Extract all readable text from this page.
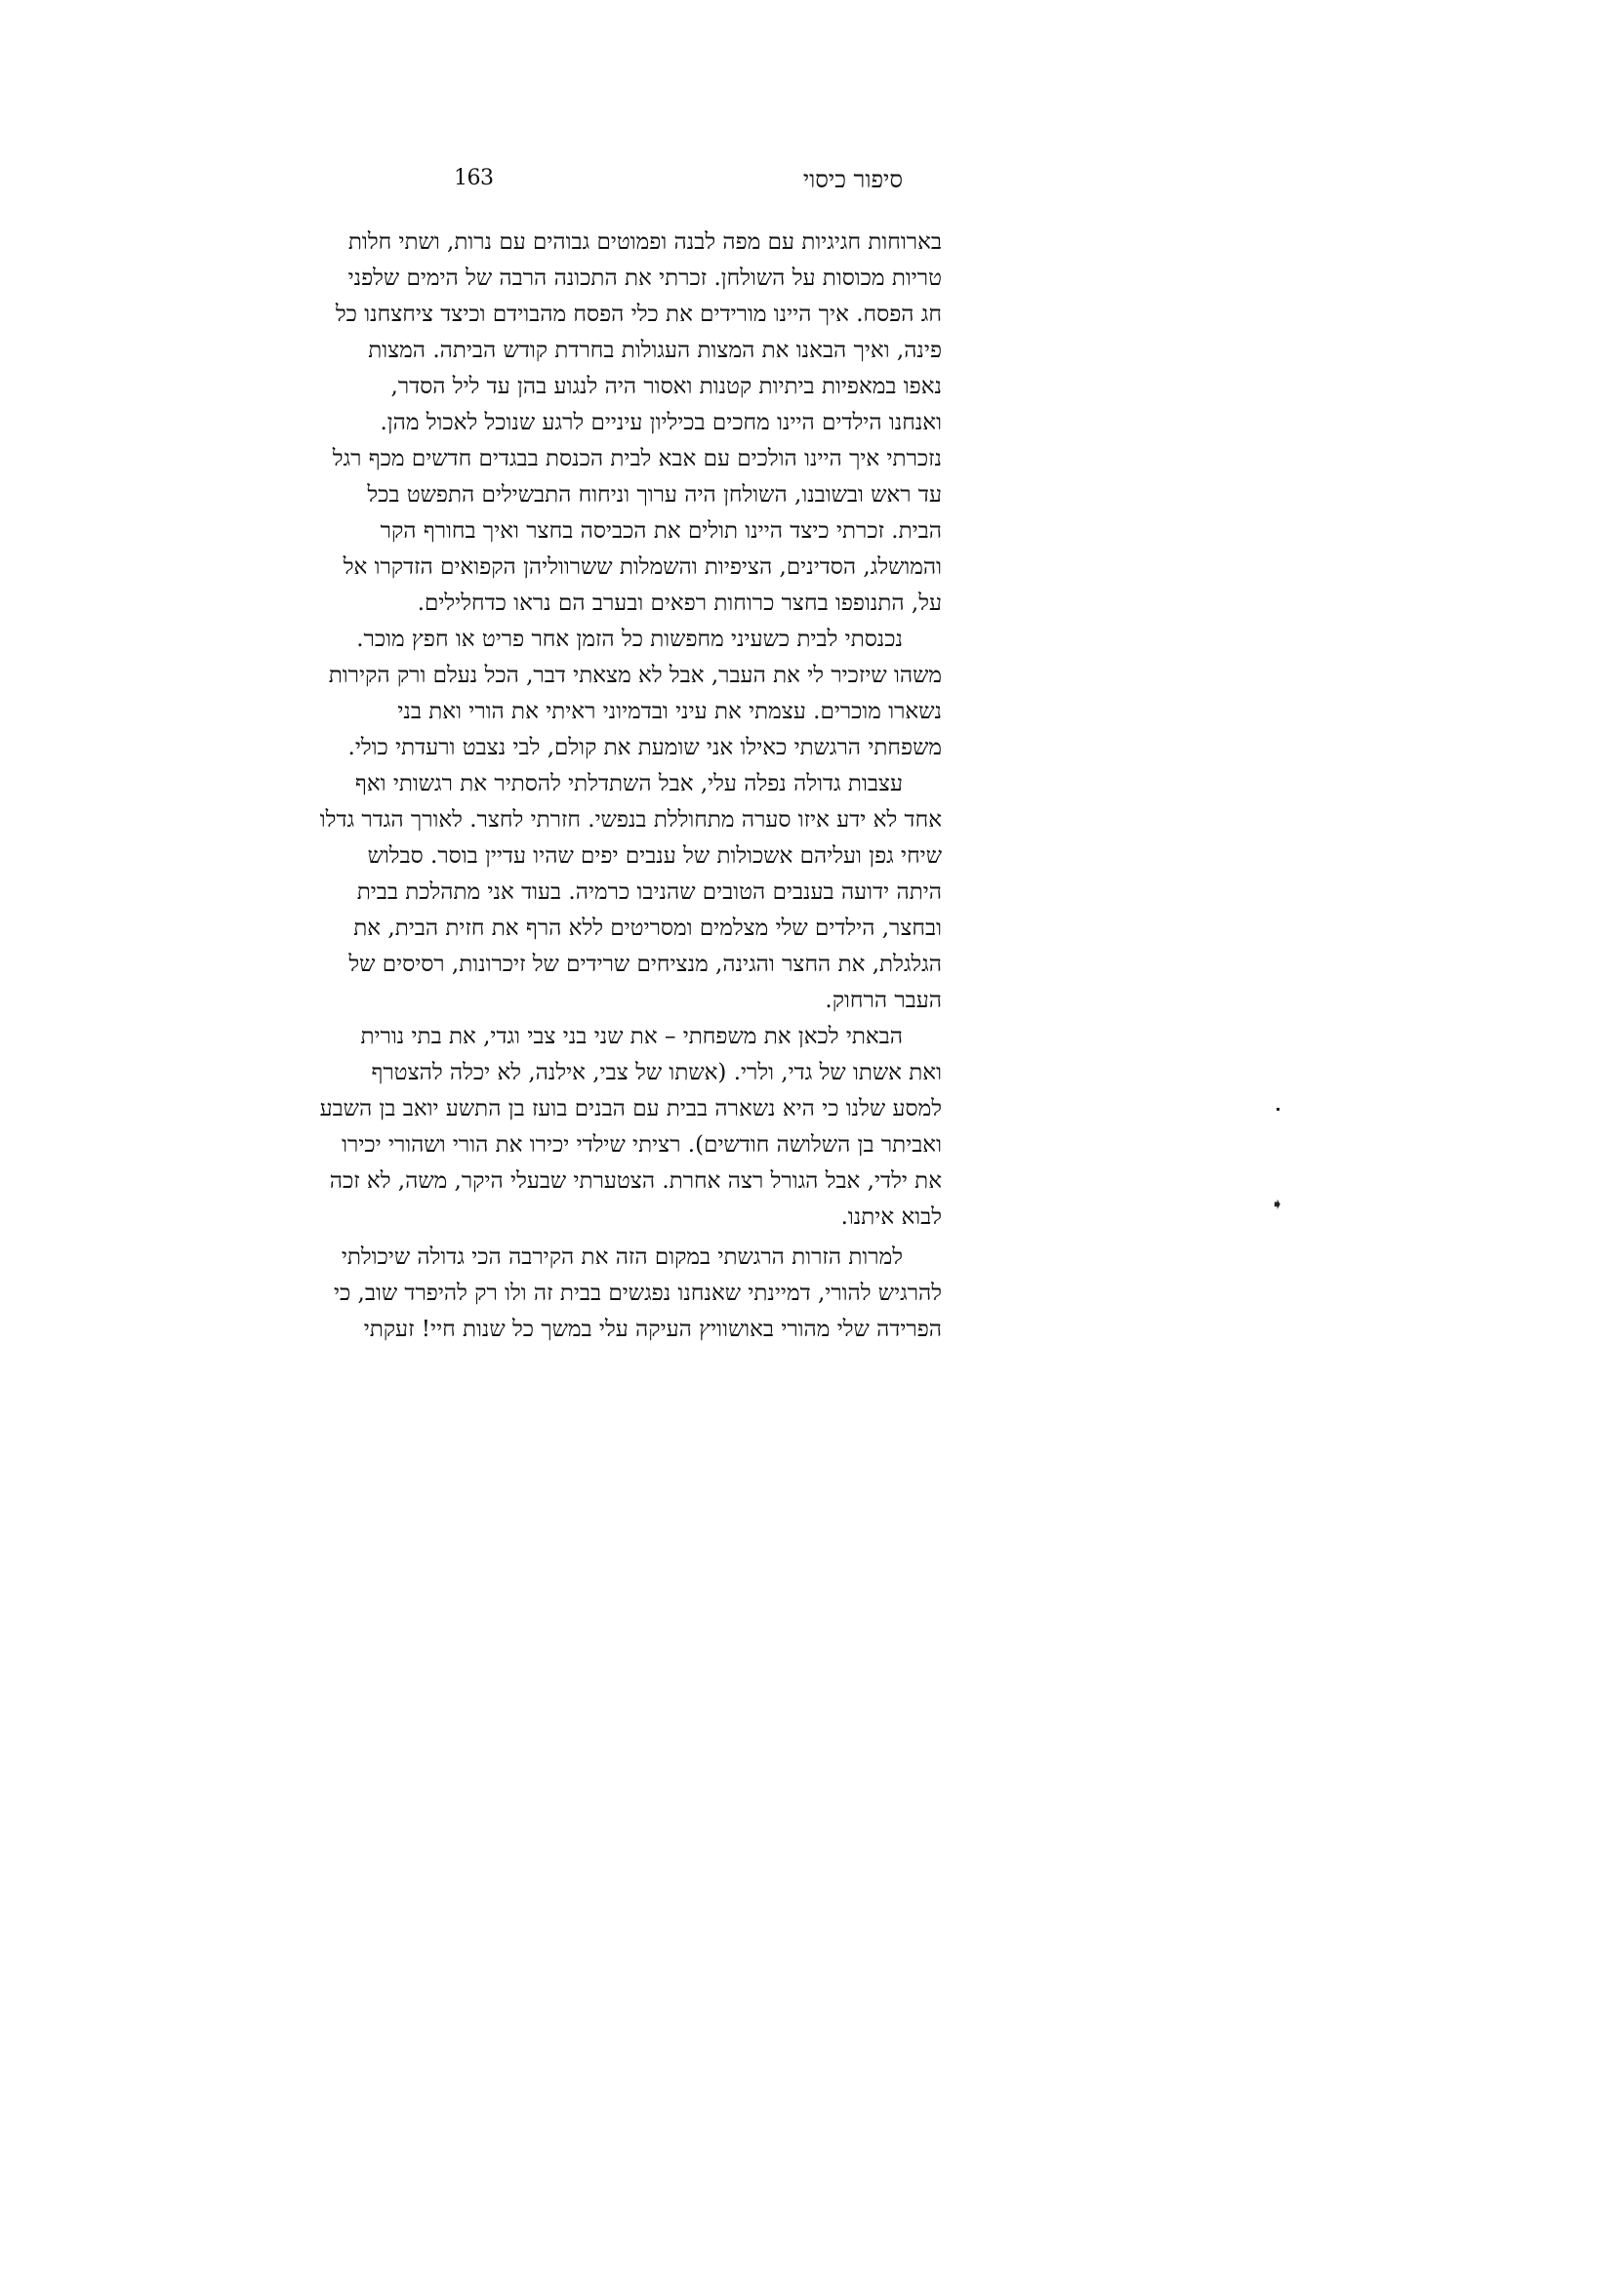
163	סיפור כיסוי
בארוחות חגיגיות עם מפה לבנה ופמוטים גבוהים עם נרות, ושתי חלות
טריות מכוסות על השולחן. זכרתי את התכונה הרבה של הימים שלפני
חג הפסח. איך היינו מורידים את כלי הפסח מהבוידם וכיצד ציחצחנו כל
פינה, ואיך הבאנו את המצות העגולות בחרדת קודש הביתה. המצות
נאפו במאפיות ביתיות קטנות ואסור היה לנגוע בהן עד ליל הסדר,
ואנחנו הילדים היינו מחכים בכיליון עיניים לרגע שנוכל לאכול מהן.
נזכרתי איך היינו הולכים עם אבא לבית הכנסת בבגדים חדשים מכף רגל
עד ראש ובשובנו, השולחן היה ערוך וניחוח התבשילים התפשט בכל
הבית. זכרתי כיצד היינו תולים את הכביסה בחצר ואיך בחורף הקר
והמושלג, הסדינים, הציפיות והשמלות ששרווליהן הקפואים הזדקרו אל
על, התנופפו בחצר כרוחות רפאים ובערב הם נראו כדחלילים.
נכנסתי לבית כשעיני מחפשות כל הזמן אחר פריט או חפץ מוכר.
משהו שיזכיר לי את העבר, אבל לא מצאתי דבר, הכל נעלם ורק הקירות
נשארו מוכרים. עצמתי את עיני ובדמיוני ראיתי את הורי ואת בני
משפחתי הרגשתי כאילו אני שומעת את קולם, לבי נצבט ורעדתי כולי.
עצבות גדולה נפלה עלי, אבל השתדלתי להסתיר את רגשותי ואף
אחד לא ידע איזו סערה מתחוללת בנפשי. חזרתי לחצר. לאורך הגדר גדלו
שיחי גפן ועליהם אשכולות של ענבים יפים שהיו עדיין בוסר. סבלוש
היתה ידועה בענבים הטובים שהניבו כרמיה. בעוד אני מתהלכת בבית
ובחצר, הילדים שלי מצלמים ומסריטים ללא הרף את חזית הבית, את
הגלגלת, את החצר והגינה, מנציחים שרידים של זיכרונות, רסיסים של
העבר הרחוק.
הבאתי לכאן את משפחתי – את שני בני צבי וגדי, את בתי נורית
ואת אשתו של גדי, ולרי. (אשתו של צבי, אילנה, לא יכלה להצטרף
למסע שלנו כי היא נשארה בבית עם הבנים בועז בן התשע יואב בן השבע
ואביתר בן השלושה חודשים). רציתי שילדי יכירו את הורי ושהורי יכירו
את ילדי, אבל הגורל רצה אחרת. הצטערתי שבעלי היקר, משה, לא זכה
לבוא איתנו.
למרות הזרות הרגשתי במקום הזה את הקירבה הכי גדולה שיכולתי
להרגיש להורי, דמיינתי שאנחנו נפגשים בבית זה ולו רק להיפרד שוב, כי
הפרידה שלי מהורי באושוויץ העיקה עלי במשך כל שנות חיי! זעקתי
➧
